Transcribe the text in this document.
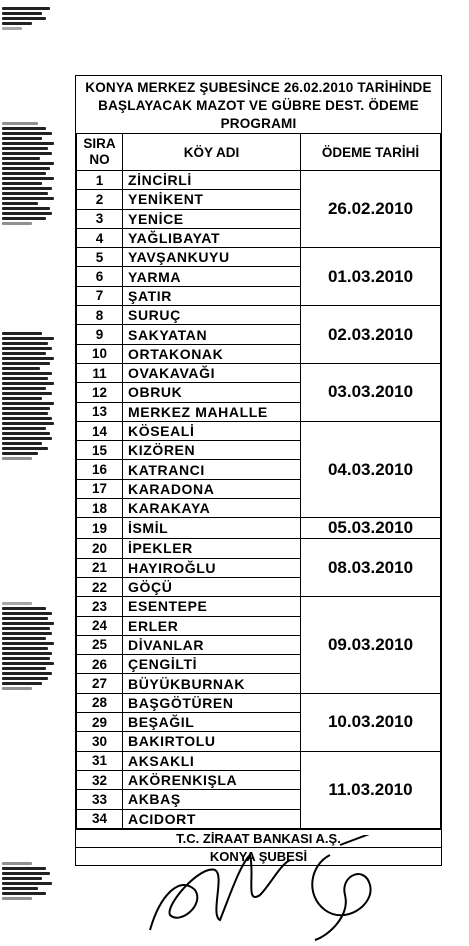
KONYA MERKEZ ŞUBESİNCE 26.02.2010 TARİHİNDE
BAŞLAYACAK MAZOT VE GÜBRE DEST. ÖDEME
PROGRAMI
SIRA
NO	KÖY ADI	ÖDEME TARİHİ
1	ZİNCİRLİ	26.02.2010
2	YENİKENT	
3	YENİCE	
4	YAĞLIBAYAT	
5	YAVŞANKUYU	01.03.2010
6	YARMA	
7	ŞATIR	
8	SURUÇ	02.03.2010
9	SAKYATAN	
10	ORTAKONAK	
11	OVAKAVAĞI	03.03.2010
12	OBRUK	
13	MERKEZ MAHALLE	
14	KÖSEALİ	04.03.2010
15	KIZÖREN	
16	KATRANCI	
17	KARADONA	
18	KARAKAYA	
19	İSMİL	05.03.2010
20	İPEKLER	08.03.2010
21	HAYIROĞLU	
22	GÖÇÜ	
23	ESENTEPE	09.03.2010
24	ERLER	
25	DİVANLAR	
26	ÇENGİLTİ	
27	BÜYÜKBURNAK	
28	BAŞGÖTÜREN	10.03.2010
29	BEŞAĞIL	
30	BAKIRTOLU	
31	AKSAKLI	11.03.2010
32	AKÖRENKIŞLA	
33	AKBAŞ	
34	ACIDORT	
T.C. ZİRAAT BANKASI A.Ş.
KONYA ŞUBESİ
